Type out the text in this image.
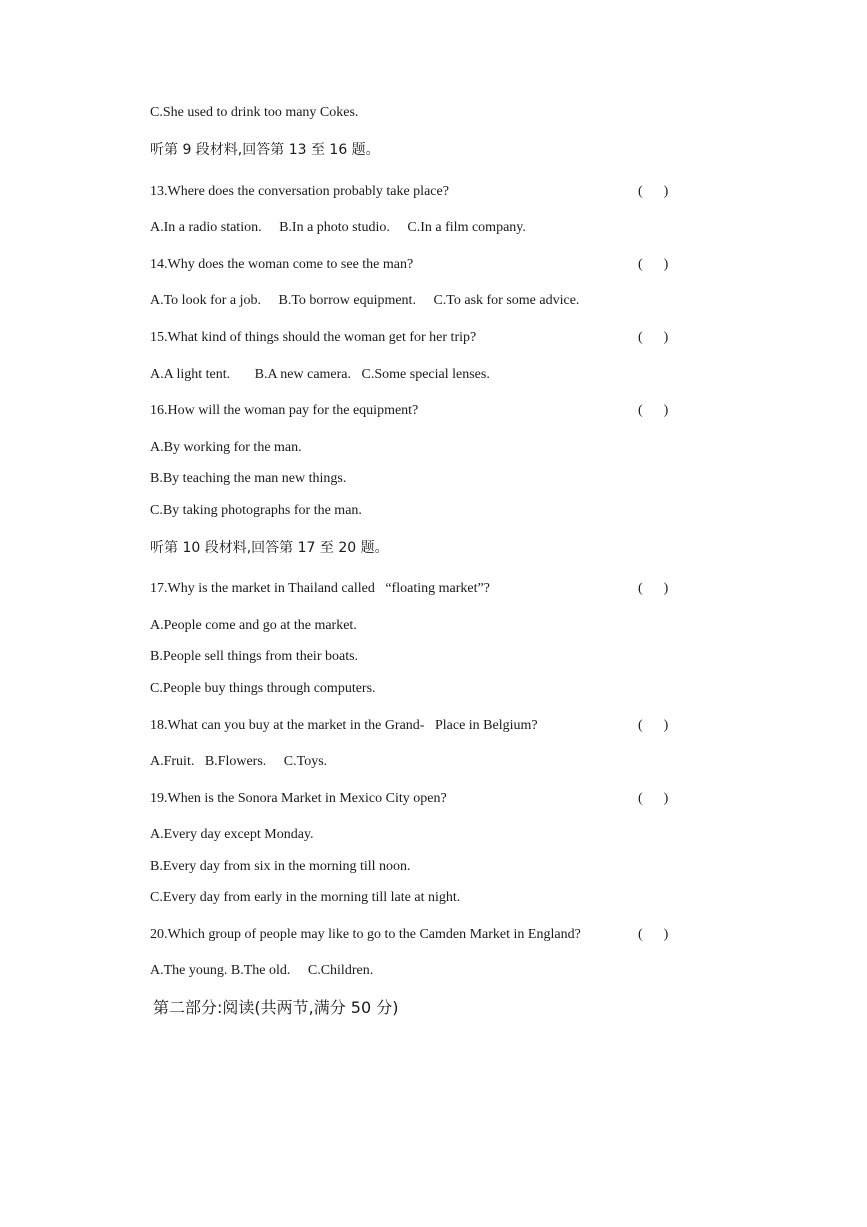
C.She used to drink too many Cokes.
听第 9 段材料,回答第 13 至 16 题。
13.Where does the conversation probably take place?	(      )
A.In a radio station.     B.In a photo studio.     C.In a film company.
14.Why does the woman come to see the man?	(      )
A.To look for a job.     B.To borrow equipment.     C.To ask for some advice.
15.What kind of things should the woman get for her trip?	(      )
A.A light tent.       B.A new camera.   C.Some special lenses.
16.How will the woman pay for the equipment?	(      )
A.By working for the man.
B.By teaching the man new things.
C.By taking photographs for the man.
听第 10 段材料,回答第 17 至 20 题。
17.Why is the market in Thailand called   “floating market”?	(      )
A.People come and go at the market.
B.People sell things from their boats.
C.People buy things through computers.
18.What can you buy at the market in the Grand-   Place in Belgium?	(      )
A.Fruit.   B.Flowers.     C.Toys.
19.When is the Sonora Market in Mexico City open?	(      )
A.Every day except Monday.
B.Every day from six in the morning till noon.
C.Every day from early in the morning till late at night.
20.Which group of people may like to go to the Camden Market in England?	(      )
A.The young. B.The old.     C.Children.
第二部分:阅读(共两节,满分 50 分)
